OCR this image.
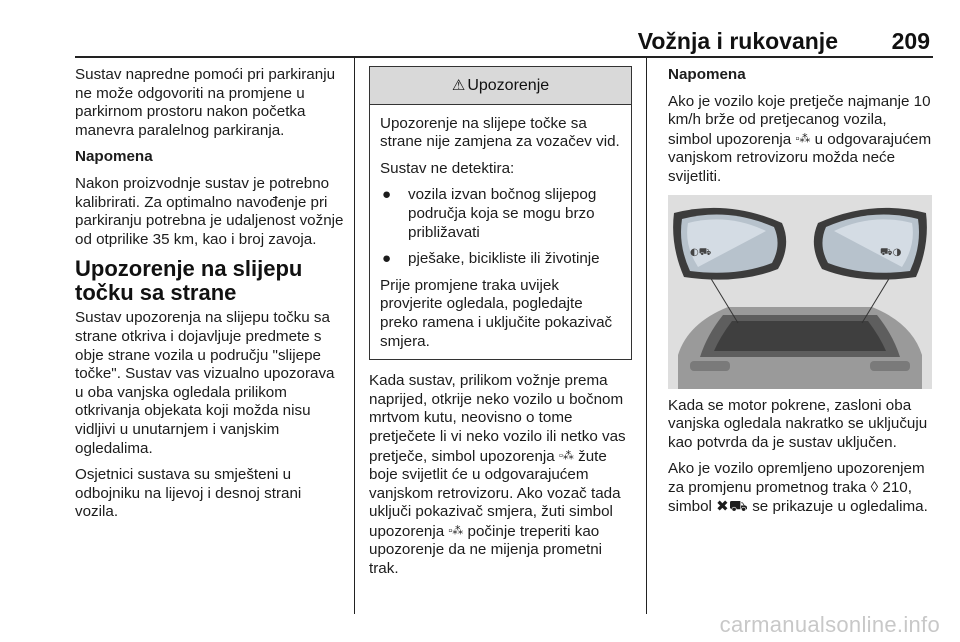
Vožnja i rukovanje	209

Sustav napredne pomoći pri parkiranju ne može odgovoriti na promjene u parkirnom prostoru nakon početka manevra paralelnog parkiranja.

Napomena

Nakon proizvodnje sustav je potrebno kalibrirati. Za optimalno navođenje pri parkiranju potrebna je udaljenost vožnje od otprilike 35 km, kao i broj zavoja.

Upozorenje na slijepu točku sa strane

Sustav upozorenja na slijepu točku sa strane otkriva i dojavljuje predmete s obje strane vozila u području "slijepe točke". Sustav vas vizualno upozorava u oba vanjska ogledala prilikom otkrivanja objekata koji možda nisu vidljivi u unutarnjem i vanjskim ogledalima.

Osjetnici sustava su smješteni u odbojniku na lijevoj i desnoj strani vozila.

⚠ Upozorenje

Upozorenje na slijepe točke sa strane nije zamjena za vozačev vid.

Sustav ne detektira:

● vozila izvan bočnog slijepog područja koja se mogu brzo približavati
● pješake, bicikliste ili životinje

Prije promjene traka uvijek provjerite ogledala, pogledajte preko ramena i uključite pokazivač smjera.

Kada sustav, prilikom vožnje prema naprijed, otkrije neko vozilo u bočnom mrtvom kutu, neovisno o tome pretječete li vi neko vozilo ili netko vas pretječe, simbol upozorenja ▫⁂ žute boje svijetlit će u odgovarajućem vanjskom retrovizoru. Ako vozač tada uključi pokazivač smjera, žuti simbol upozorenja ▫⁂ počinje treperiti kao upozorenje da ne mijenja prometni trak.

Napomena

Ako je vozilo koje pretječe najmanje 10 km/h brže od pretjecanog vozila, simbol upozorenja ▫⁂ u odgovarajućem vanjskom retrovizoru možda neće svijetliti.

◐⛟	⛟◑

Kada se motor pokrene, zasloni oba vanjska ogledala nakratko se uključuju kao potvrda da je sustav uključen.

Ako je vozilo opremljeno upozorenjem za promjenu prometnog traka ◊ 210, simbol ✖⛟ se prikazuje u ogledalima.

carmanualsonline.info
